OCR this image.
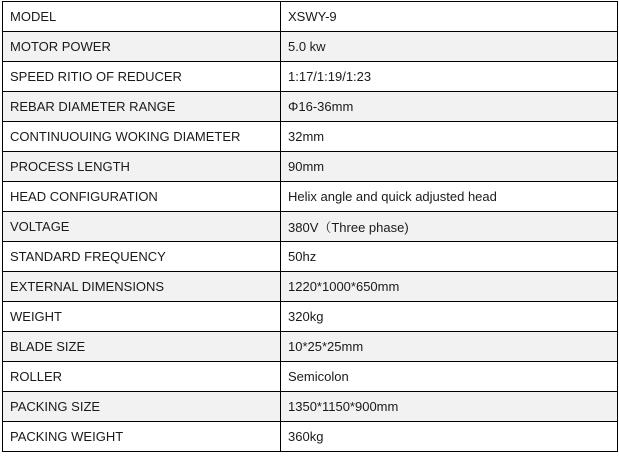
MODEL	XSWY-9
MOTOR POWER	5.0 kw
SPEED RITIO OF REDUCER	1:17/1:19/1:23
REBAR DIAMETER RANGE	Φ16-36mm
CONTINUOUING WOKING DIAMETER	32mm
PROCESS LENGTH	90mm
HEAD CONFIGURATION	Helix angle and quick adjusted head
VOLTAGE	380V（Three phase)
STANDARD FREQUENCY	50hz
EXTERNAL DIMENSIONS	1220*1000*650mm
WEIGHT	320kg
BLADE SIZE	10*25*25mm
ROLLER	Semicolon
PACKING SIZE	1350*1150*900mm
PACKING WEIGHT	360kg
